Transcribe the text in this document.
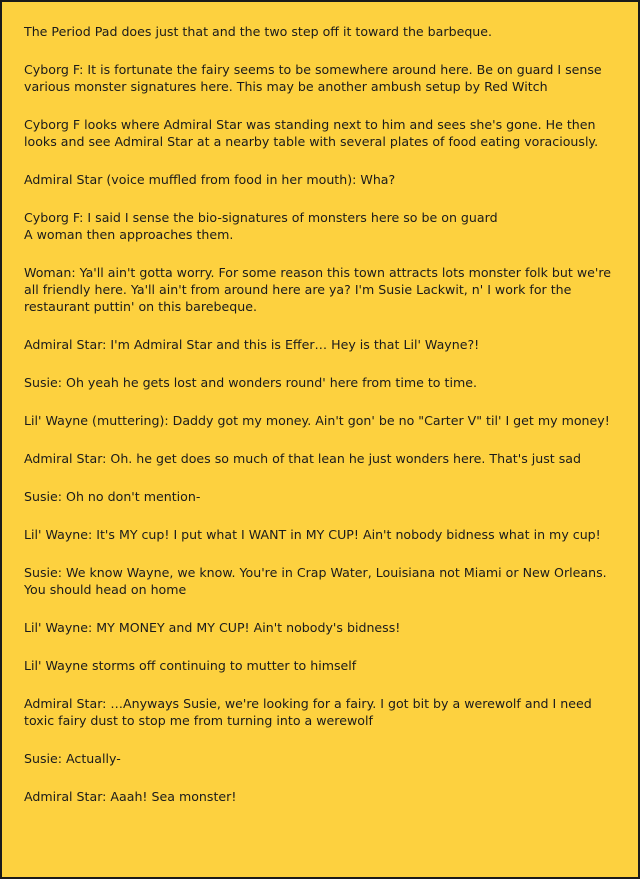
The Period Pad does just that and the two step off it toward the barbeque.

Cyborg F: It is fortunate the fairy seems to be somewhere around here. Be on guard I sense various monster signatures here. This may be another ambush setup by Red Witch

Cyborg F looks where Admiral Star was standing next to him and sees she's gone. He then looks and see Admiral Star at a nearby table with several plates of food eating voraciously.

Admiral Star (voice muffled from food in her mouth): Wha?

Cyborg F: I said I sense the bio-signatures of monsters here so be on guard
A woman then approaches them.

Woman: Ya'll ain't gotta worry. For some reason this town attracts lots monster folk but we're all friendly here. Ya'll ain't from around here are ya? I'm Susie Lackwit, n' I work for the restaurant puttin' on this barebeque.

Admiral Star: I'm Admiral Star and this is Effer… Hey is that Lil' Wayne?!

Susie: Oh yeah he gets lost and wonders round' here from time to time.

Lil' Wayne (muttering): Daddy got my money. Ain't gon' be no "Carter V" til' I get my money!

Admiral Star: Oh. he get does so much of that lean he just wonders here. That's just sad

Susie: Oh no don't mention-

Lil' Wayne: It's MY cup! I put what I WANT in MY CUP! Ain't nobody bidness what in my cup!

Susie: We know Wayne, we know. You're in Crap Water, Louisiana not Miami or New Orleans. You should head on home

Lil' Wayne: MY MONEY and MY CUP! Ain't nobody's bidness!

Lil' Wayne storms off continuing to mutter to himself

Admiral Star: …Anyways Susie, we're looking for a fairy. I got bit by a werewolf and I need toxic fairy dust to stop me from turning into a werewolf

Susie: Actually-

Admiral Star: Aaah! Sea monster!
